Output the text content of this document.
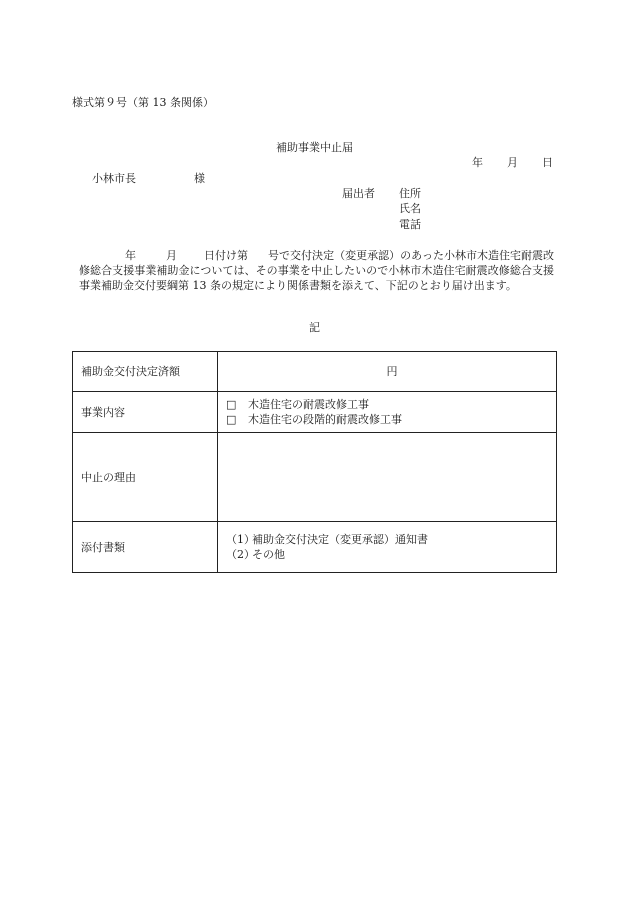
様式第９号（第 13 条関係）
補助事業中止届
年 月 日
小林市長	様
届出者 住所
氏名
電話
年	月 日付け第 号で交付決定（変更承認）のあった小林市木造住宅耐震改修総合支援事業補助金については、その事業を中止したいので小林市木造住宅耐震改修総合支援事業補助金交付要綱第 13 条の規定により関係書類を添えて、下記のとおり届け出ます。
記
補助金交付決定済額	円
事業内容	□ 木造住宅の耐震改修工事
□ 木造住宅の段階的耐震改修工事

中止の理由	
添付書類	（1）補助金交付決定（変更承認）通知書
（2）その他
